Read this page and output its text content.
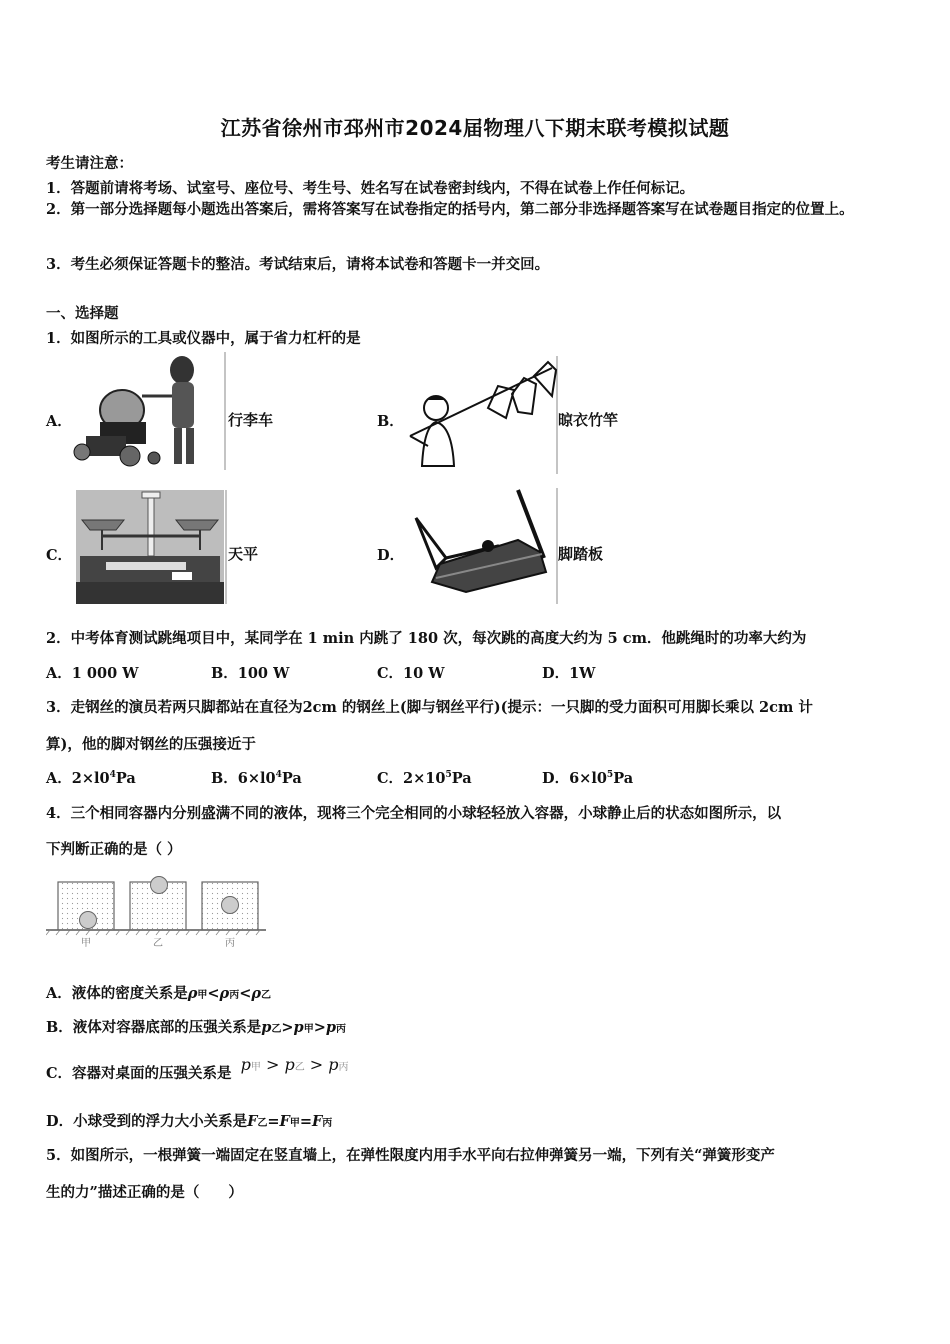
江苏省徐州市邳州市2024届物理八下期末联考模拟试题
考生请注意：
1．答题前请将考场、试室号、座位号、考生号、姓名写在试卷密封线内，不得在试卷上作任何标记。
2．第一部分选择题每小题选出答案后，需将答案写在试卷指定的括号内，第二部分非选择题答案写在试卷题目指定的位置上。
3．考生必须保证答题卡的整洁。考试结束后，请将本试卷和答题卡一并交回。
一、选择题
1．如图所示的工具或仪器中，属于省力杠杆的是
A．	行李车	B．	晾衣竹竿
C．	天平	D．	脚踏板
2．中考体育测试跳绳项目中，某同学在 1 min 内跳了 180 次，每次跳的高度大约为 5 cm．他跳绳时的功率大约为
A．1 000 W	B．100 W	C．10 W	D．1W
3．走钢丝的演员若两只脚都站在直径为2cm 的钢丝上(脚与钢丝平行)(提示：一只脚的受力面积可用脚长乘以 2cm 计
算)，他的脚对钢丝的压强接近于
A．$2\times l0^4Pa$	B．$6\times l0^4Pa$	C．$2\times 10^5Pa$	D．$6\times l0^5Pa$
4．三个相同容器内分别盛满不同的液体，现将三个完全相同的小球轻轻放入容器，小球静止后的状态如图所示，以
下判断正确的是（ ）
甲	乙	丙
A．液体的密度关系是ρ甲<ρ丙<ρ乙
B．液体对容器底部的压强关系是p乙>p甲>p丙
C．容器对桌面的压强关系是 p甲 > p乙 > p丙
D．小球受到的浮力大小关系是F乙=F甲=F丙
5．如图所示，一根弹簧一端固定在竖直墙上，在弹性限度内用手水平向右拉伸弹簧另一端，下列有关“弹簧形变产
生的力”描述正确的是（　　）
